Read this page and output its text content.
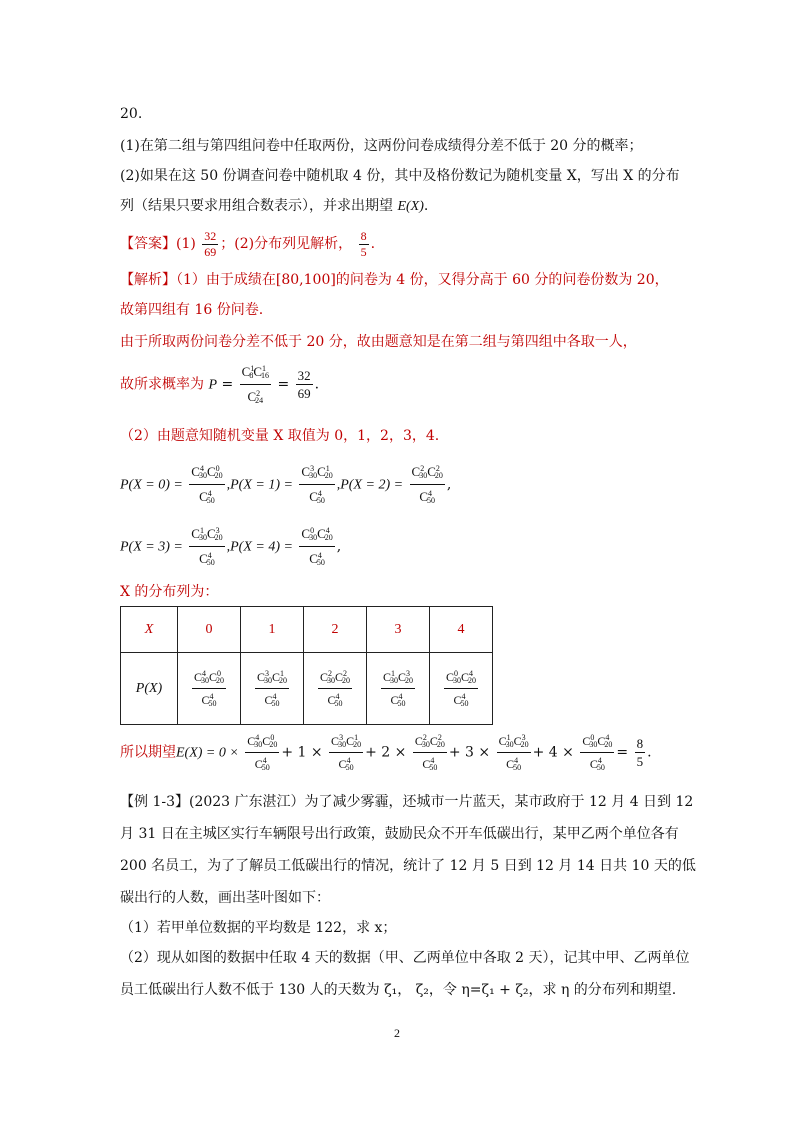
20.
(1)在第二组与第四组问卷中任取两份，这两份问卷成绩得分差不低于 20 分的概率；
(2)如果在这 50 份调查问卷中随机取 4 份，其中及格份数记为随机变量 X，写出 X 的分布
列（结果只要求用组合数表示），并求出期望 E(X).
【答案】$(1) \frac{32}{69}$ ；(2)分布列见解析， $\frac{8}{5}$ .
【解析】（1）由于成绩在[80,100]的问卷为 4 份，又得分高于 60 分的问卷份数为 20，
故第四组有 16 份问卷.
由于所取两份问卷分差不低于 20 分，故由题意知是在第二组与第四组中各取一人，
故所求概率为 $P = \frac{C^1_8C^1_{16}}{C^2_{24}} = \frac{32}{69}$ .
（2）由题意知随机变量 X 取值为 0，1，2，3，4.
$P(X = 0) = \frac{C^4_{30}C^0_{20}}{C^4_{50}} ,P(X = 1) = \frac{C^3_{30}C^1_{20}}{C^4_{50}} ,P(X = 2) = \frac{C^2_{30}C^2_{20}}{C^4_{50}}$ ,
$P(X = 3) = \frac{C^1_{30}C^3_{20}}{C^4_{50}} ,P(X = 4) = \frac{C^0_{30}C^4_{20}}{C^4_{50}}$ ,
X 的分布列为：
X	0	1	2	3	4
P(X)	$\frac{C^4_{30}C^0_{20}}{C^4_{50}}$	$\frac{C^3_{30}C^1_{20}}{C^4_{50}}$	$\frac{C^2_{30}C^2_{20}}{C^4_{50}}$	$\frac{C^1_{30}C^3_{20}}{C^4_{50}}$	$\frac{C^0_{30}C^4_{20}}{C^4_{50}}$
所以期望$E(X) = 0 \times \frac{C^4_{30}C^0_{20}}{C^4_{50}} + 1 \times \frac{C^3_{30}C^1_{20}}{C^4_{50}} + 2 \times \frac{C^2_{30}C^2_{20}}{C^4_{50}} + 3 \times \frac{C^1_{30}C^3_{20}}{C^4_{50}} + 4 \times \frac{C^0_{30}C^4_{20}}{C^4_{50}} = \frac{8}{5}$ .
【例 1-3】(2023 广东湛江）为了减少雾霾，还城市一片蓝天，某市政府于 12 月 4 日到 12
月 31 日在主城区实行车辆限号出行政策，鼓励民众不开车低碳出行，某甲乙两个单位各有
200 名员工，为了了解员工低碳出行的情况，统计了 12 月 5 日到 12 月 14 日共 10 天的低
碳出行的人数，画出茎叶图如下：
（1）若甲单位数据的平均数是 122，求 x；
（2）现从如图的数据中任取 4 天的数据（甲、乙两单位中各取 2 天），记其中甲、乙两单位
员工低碳出行人数不低于 130 人的天数为 ζ₁， ζ₂，令 η=ζ₁ + ζ₂，求 η 的分布列和期望.
2
